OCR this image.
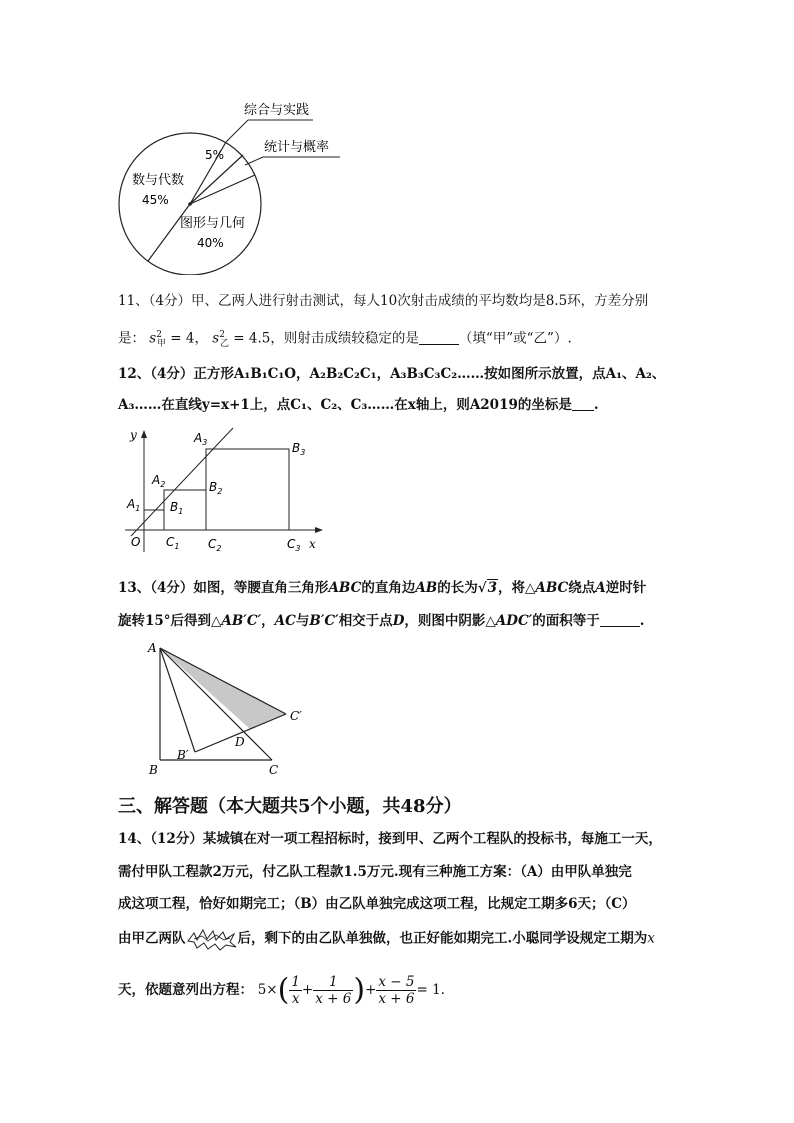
综合与实践
统计与概率
5%
数与代数
45%
图形与几何
40%
11、（4分）甲、乙两人进行射击测试，每人10次射击成绩的平均数均是8.5环，方差分别
是： $s^2_甲 = 4$， $s^2_乙 = 4.5$，则射击成绩较稳定的是	（填“甲”或“乙”）.
12、（4分）正方形A₁B₁C₁O，A₂B₂C₂C₁，A₃B₃C₃C₂……按如图所示放置，点A₁、A₂、
A₃……在直线y=x+1上，点C₁、C₂、C₃……在x轴上，则A2019的坐标是 .
y
x
O
$A_1$
$A_2$
$A_3$
$B_1$
$B_2$
$B_3$
$C_1$ $C_2$	$C_3$
13、（4分）如图，等腰直角三角形ABC的直角边AB的长为√3，将△ABC绕点A逆时针
旋转15°后得到△AB′C′，AC与B′C′相交于点D，则图中阴影△ADC′的面积等于	.
A
B	C
B′
C′
D
三、解答题（本大题共5个小题，共48分）
14、（12分）某城镇在对一项工程招标时，接到甲、乙两个工程队的投标书，每施工一天，
需付甲队工程款2万元，付乙队工程款1.5万元.现有三种施工方案：（A）由甲队单独完
成这项工程，恰好如期完工；（B）由乙队单独完成这项工程，比规定工期多6天；（C）
由甲乙两队	后，剩下的由乙队单独做，也正好能如期完工.小聪同学设规定工期为x
天，依题意列出方程： $5\times( \frac{1}{x} + \frac{1}{x + 6}$ )+ $\frac{x - 5}{x + 6} = 1$.
